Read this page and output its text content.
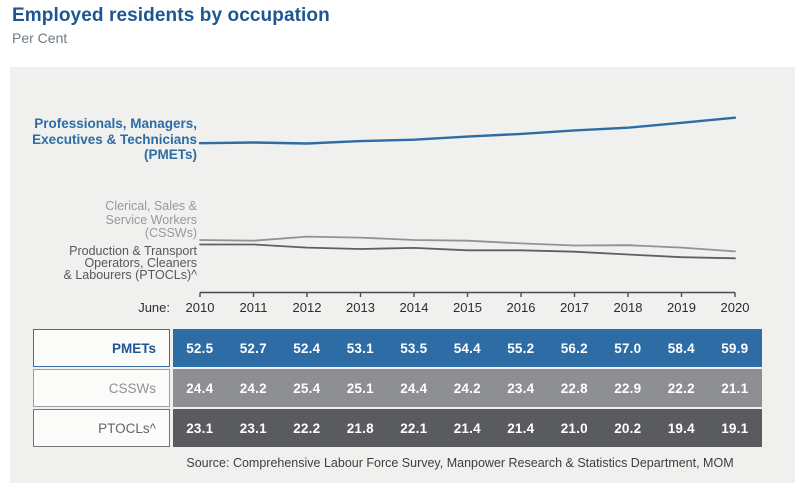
Employed residents by occupation
Per Cent
Professionals, Managers,
Executives & Technicians
(PMETs)
Clerical, Sales &
Service Workers
(CSSWs)
Production & Transport
Operators, Cleaners
& Labourers (PTOCLs)^
June:	2010	2011	2012	2013	2014	2015	2016	2017	2018	2019	2020
PMETs	52.5	52.7	52.4	53.1	53.5	54.4	55.2	56.2	57.0	58.4	59.9
CSSWs	24.4	24.2	25.4	25.1	24.4	24.2	23.4	22.8	22.9	22.2	21.1
PTOCLs^	23.1	23.1	22.2	21.8	22.1	21.4	21.4	21.0	20.2	19.4	19.1
Source: Comprehensive Labour Force Survey, Manpower Research & Statistics Department, MOM
